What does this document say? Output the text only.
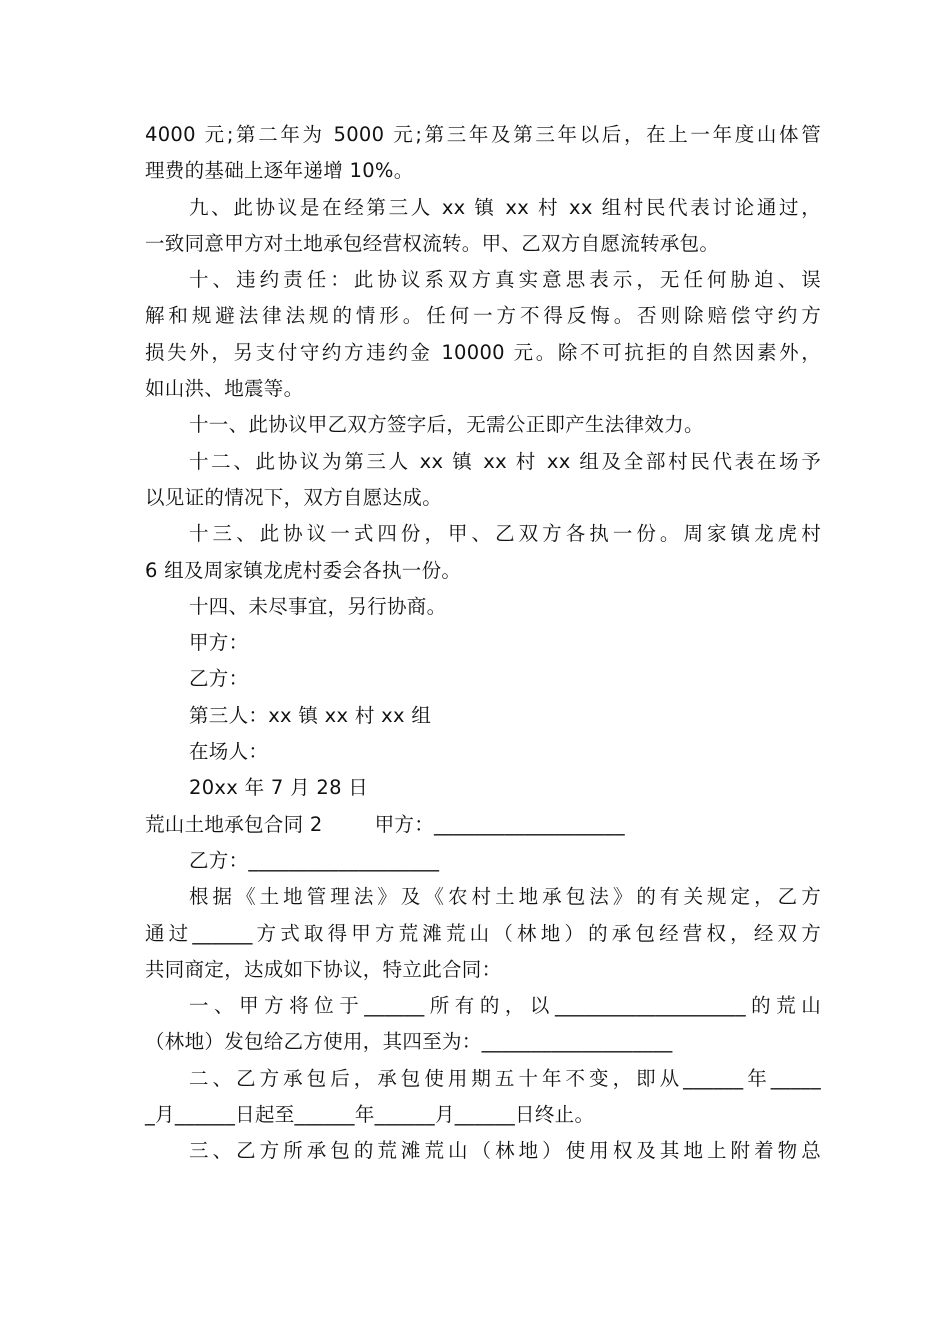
4000 元;第二年为 5000 元;第三年及第三年以后，在上一年度山体管
理费的基础上逐年递增 10%。
九、此协议是在经第三人 xx 镇 xx 村 xx 组村民代表讨论通过，
一致同意甲方对土地承包经营权流转。甲、乙双方自愿流转承包。
十、违约责任：此协议系双方真实意思表示，无任何胁迫、误
解和规避法律法规的情形。任何一方不得反悔。否则除赔偿守约方
损失外，另支付守约方违约金 10000 元。除不可抗拒的自然因素外，
如山洪、地震等。
十一、此协议甲乙双方签字后，无需公正即产生法律效力。
十二、此协议为第三人 xx 镇 xx 村 xx 组及全部村民代表在场予
以见证的情况下，双方自愿达成。
十三、此协议一式四份，甲、乙双方各执一份。周家镇龙虎村
6 组及周家镇龙虎村委会各执一份。
十四、未尽事宜，另行协商。
甲方：
乙方：
第三人：xx 镇 xx 村 xx 组
在场人：
20xx 年 7 月 28 日
荒山土地承包合同 2        甲方：___________________
乙方：___________________
根据《土地管理法》及《农村土地承包法》的有关规定，乙方
通过______方式取得甲方荒滩荒山（林地）的承包经营权，经双方
共同商定，达成如下协议，特立此合同：
一、甲方将位于______所有的，以___________________的荒山
（林地）发包给乙方使用，其四至为：___________________
二、乙方承包后，承包使用期五十年不变，即从______年_____
_月______日起至______年______月______日终止。
三、乙方所承包的荒滩荒山（林地）使用权及其地上附着物总
